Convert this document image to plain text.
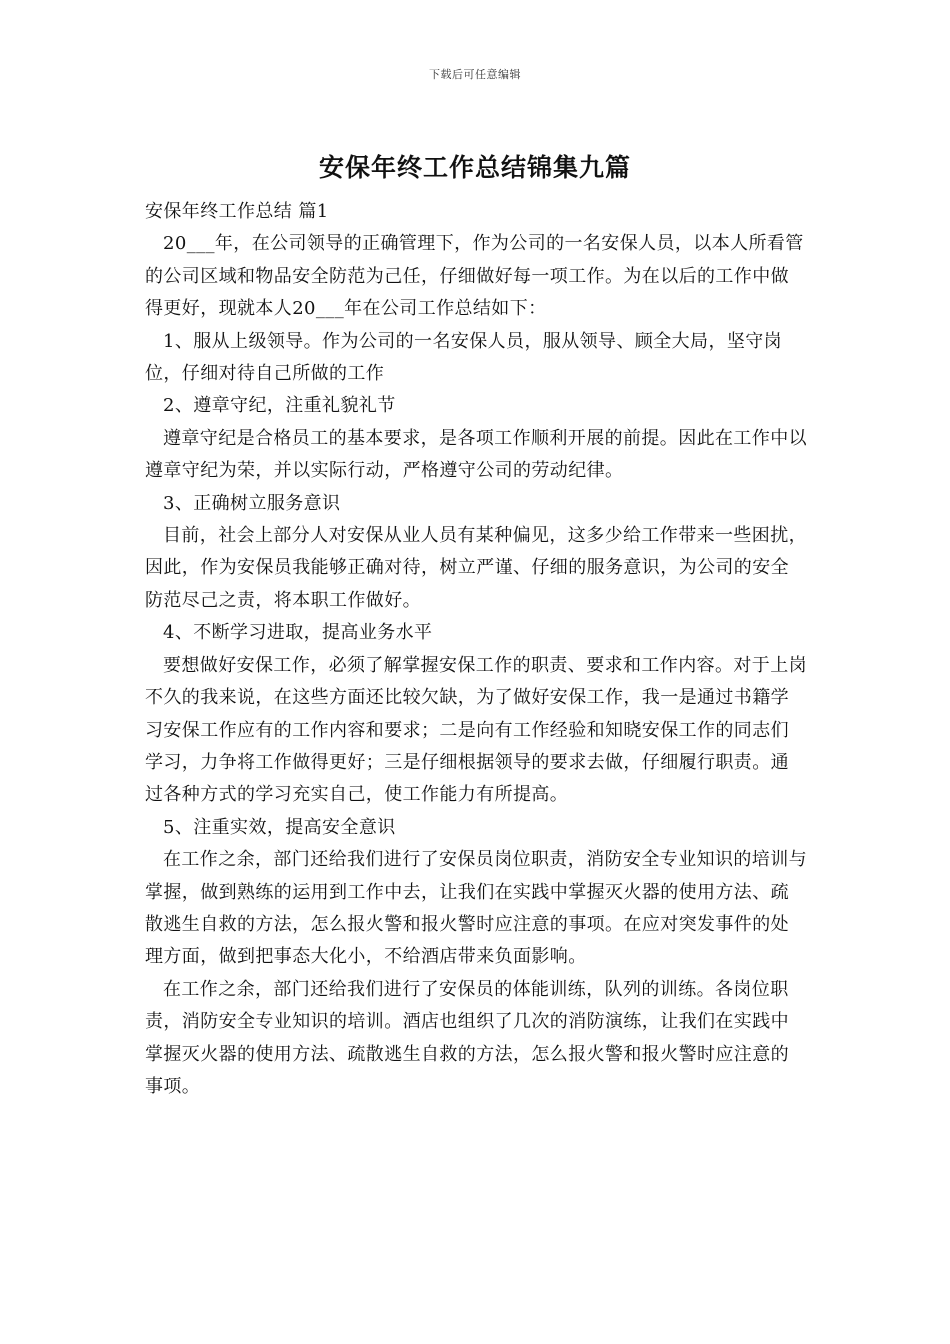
下载后可任意编辑
安保年终工作总结锦集九篇

安保年终工作总结 篇1

20___年，在公司领导的正确管理下，作为公司的一名安保人员，以本人所看管的公司区域和物品安全防范为己任，仔细做好每一项工作。为在以后的工作中做得更好，现就本人20___年在公司工作总结如下：

1、服从上级领导。作为公司的一名安保人员，服从领导、顾全大局，坚守岗位，仔细对待自己所做的工作

2、遵章守纪，注重礼貌礼节

遵章守纪是合格员工的基本要求，是各项工作顺利开展的前提。因此在工作中以遵章守纪为荣，并以实际行动，严格遵守公司的劳动纪律。

3、正确树立服务意识

目前，社会上部分人对安保从业人员有某种偏见，这多少给工作带来一些困扰，因此，作为安保员我能够正确对待，树立严谨、仔细的服务意识，为公司的安全防范尽己之责，将本职工作做好。

4、不断学习进取，提高业务水平

要想做好安保工作，必须了解掌握安保工作的职责、要求和工作内容。对于上岗不久的我来说，在这些方面还比较欠缺，为了做好安保工作，我一是通过书籍学习安保工作应有的工作内容和要求；二是向有工作经验和知晓安保工作的同志们学习，力争将工作做得更好；三是仔细根据领导的要求去做，仔细履行职责。通过各种方式的学习充实自己，使工作能力有所提高。

5、注重实效，提高安全意识

在工作之余，部门还给我们进行了安保员岗位职责，消防安全专业知识的培训与掌握，做到熟练的运用到工作中去，让我们在实践中掌握灭火器的使用方法、疏散逃生自救的方法，怎么报火警和报火警时应注意的事项。在应对突发事件的处理方面，做到把事态大化小，不给酒店带来负面影响。

在工作之余，部门还给我们进行了安保员的体能训练，队列的训练。各岗位职责，消防安全专业知识的培训。酒店也组织了几次的消防演练，让我们在实践中掌握灭火器的使用方法、疏散逃生自救的方法，怎么报火警和报火警时应注意的事项。
